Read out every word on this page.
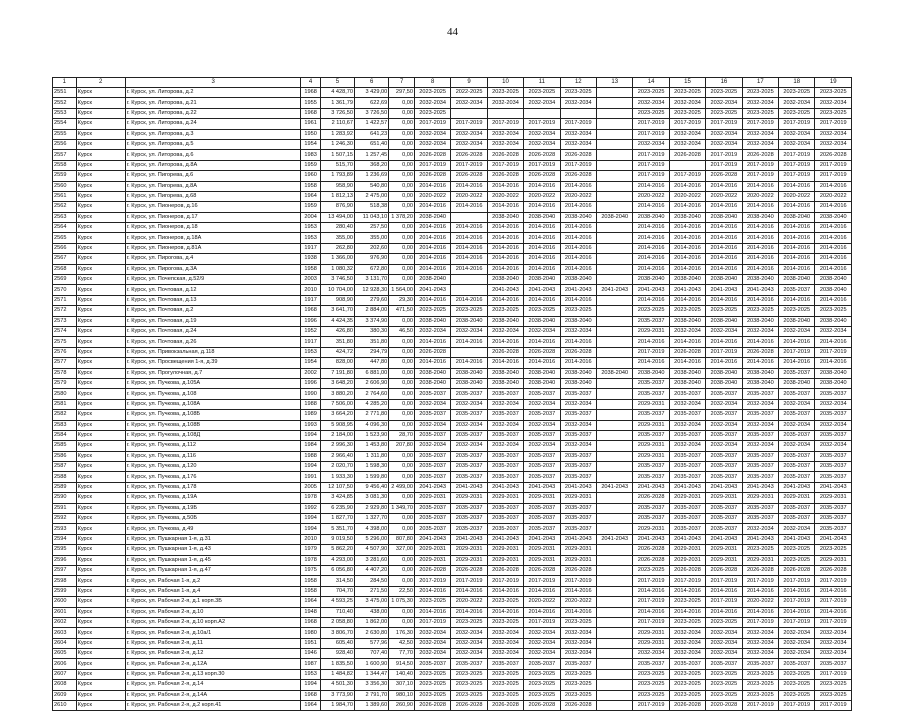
44
1	2	3	4	5	6	7	8	9	10	11	12	13	14	15	16	17	18	19
2551	Курск	г. Курск, ул. Литорова, д.2	1968	4 428,70	3 429,00	297,50	2023-2025	2022-2025	2023-2025	2023-2025	2023-2025		2023-2025	2023-2025	2023-2025	2023-2025	2023-2025	2023-2025
2552	Курск	г. Курск, ул. Литорова, д.21	1955	1 361,79	622,69	0,00	2032-2034	2032-2034	2032-2034	2032-2034	2032-2034		2032-2034	2032-2034	2032-2034	2032-2034	2032-2034	2032-2034
2553	Курск	г. Курск, ул. Литорова, д.22	1968	3 726,50	3 726,50	0,00	2023-2025						2023-2025	2023-2025	2023-2025	2023-2025	2023-2025	2023-2025
2554	Курск	г. Курск, ул. Литорова, д.24	1961	2 110,67	1 422,57	0,00	2017-2019	2017-2019	2017-2019	2017-2019	2017-2019		2017-2019	2017-2019	2017-2019	2017-2019	2017-2019	2017-2019
2555	Курск	г. Курск, ул. Литорова, д.3	1950	1 283,92	641,23	0,00	2032-2034	2032-2034	2032-2034	2032-2034	2032-2034		2017-2019	2032-2034	2032-2034	2032-2034	2032-2034	2032-2034
2556	Курск	г. Курск, ул. Литорова, д.5	1954	1 246,30	651,40	0,00	2032-2034	2032-2034	2032-2034	2032-2034	2032-2034		2032-2034	2032-2034	2032-2034	2032-2034	2032-2034	2032-2034
2557	Курск	г. Курск, ул. Литорова, д.6	1983	1 507,15	1 257,45	0,00	2026-2028	2026-2028	2026-2028	2026-2028	2026-2028		2017-2019	2026-2028	2017-2019	2026-2028	2017-2019	2026-2028
2558	Курск	г. Курск, ул. Литорова, д.8А	1959	515,70	368,20	0,00	2017-2019	2017-2019	2017-2019	2017-2019	2017-2019		2017-2019		2017-2019	2017-2019	2017-2019	2017-2019
2559	Курск	г. Курск, ул. Пигорева, д.6	1960	1 793,89	1 236,69	0,00	2026-2028	2026-2028	2026-2028	2026-2028	2026-2028		2017-2019	2017-2019	2026-2028	2017-2019	2017-2019	2017-2019
2560	Курск	г. Курск, ул. Пигорева, д.8А	1958	958,90	540,80	0,00	2014-2016	2014-2016	2014-2016	2014-2016	2014-2016		2014-2016	2014-2016	2014-2016	2014-2016	2014-2016	2014-2016
2561	Курск	г. Курск, ул. Пигорева, д.68	1964	1 812,13	2 475,00	0,00	2020-2022	2020-2022	2020-2022	2020-2022	2020-2022		2020-2022	2020-2022	2020-2022	2020-2022	2020-2022	2020-2022
2562	Курск	г. Курск, ул. Пионеров, д.16	1959	876,90	518,38	0,00	2014-2016	2014-2016	2014-2016	2014-2016	2014-2016		2014-2016	2014-2016	2014-2016	2014-2016	2014-2016	2014-2016
2563	Курск	г. Курск, ул. Пионеров, д.17	2004	13 494,00	11 043,10	1 378,20	2038-2040		2038-2040	2038-2040	2038-2040	2038-2040	2038-2040	2038-2040	2038-2040	2038-2040	2038-2040	2038-2040
2564	Курск	г. Курск, ул. Пионеров, д.18	1953	280,40	257,50	0,00	2014-2016	2014-2016	2014-2016	2014-2016	2014-2016		2014-2016	2014-2016	2014-2016	2014-2016	2014-2016	2014-2016
2565	Курск	г. Курск, ул. Пионеров, д.18А	1953	355,00	355,00	0,00	2014-2016	2014-2016	2014-2016	2014-2016	2014-2016		2014-2016	2014-2016	2014-2016	2014-2016	2014-2016	2014-2016
2566	Курск	г. Курск, ул. Пионеров, д.81А	1917	262,80	202,60	0,00	2014-2016	2014-2016	2014-2016	2014-2016	2014-2016		2014-2016	2014-2016	2014-2016	2014-2016	2014-2016	2014-2016
2567	Курск	г. Курск, ул. Пирогова, д.4	1938	1 366,00	976,90	0,00	2014-2016	2014-2016	2014-2016	2014-2016	2014-2016		2014-2016	2014-2016	2014-2016	2014-2016	2014-2016	2014-2016
2568	Курск	г. Курск, ул. Пирогова, д.3А	1958	1 080,32	672,80	0,00	2014-2016	2014-2016	2014-2016	2014-2016	2014-2016		2014-2016	2014-2016	2014-2016	2014-2016	2014-2016	2014-2016
2569	Курск	г. Курск, ул. Почепская, д.52/9	2003	3 746,50	3 131,70	0,00	2038-2040		2038-2040	2038-2040	2038-2040		2038-2040	2038-2040	2038-2040	2038-2040	2038-2040	2038-2040
2570	Курск	г. Курск, ул. Почтовая, д.12	2010	10 704,00	12 928,30	1 564,00	2041-2043		2041-2043	2041-2043	2041-2043	2041-2043	2041-2043	2041-2043	2041-2043	2041-2043	2035-2037	2038-2040
2571	Курск	г. Курск, ул. Почтовая, д.13	1917	908,90	279,60	29,30	2014-2016	2014-2016	2014-2016	2014-2016	2014-2016		2014-2016	2014-2016	2014-2016	2014-2016	2014-2016	2014-2016
2572	Курск	г. Курск, ул. Почтовая, д.2	1968	3 641,70	2 884,00	471,50	2023-2025	2023-2025	2023-2025	2023-2025	2023-2025		2023-2025	2023-2025	2023-2025	2023-2025	2023-2025	2023-2025
2573	Курск	г. Курск, ул. Почтовая, д.19	1996	4 424,35	3 374,90	0,00	2038-2040	2038-2040	2038-2040	2038-2040	2038-2040		2035-2037	2038-2040	2038-2040	2038-2040	2038-2040	2038-2040
2574	Курск	г. Курск, ул. Почтовая, д.24	1952	426,80	380,30	46,50	2032-2034	2032-2034	2032-2034	2032-2034	2032-2034		2029-2031	2032-2034	2032-2034	2032-2034	2032-2034	2032-2034
2575	Курск	г. Курск, ул. Почтовая, д.26	1917	351,80	351,80	0,00	2014-2016	2014-2016	2014-2016	2014-2016	2014-2016		2014-2016	2014-2016	2014-2016	2014-2016	2014-2016	2014-2016
2576	Курск	г. Курск, ул. Привокзальная, д.118	1953	424,72	294,79	0,00	2026-2028		2026-2028	2026-2028	2026-2028		2017-2019	2026-2028	2017-2019	2026-2028	2017-2019	2017-2019
2577	Курск	г. Курск, ул. Просвещения 1-я, д.39	1954	828,00	447,80	0,00	2014-2016	2014-2016	2014-2016	2014-2016	2014-2016		2014-2016	2014-2016	2014-2016	2014-2016	2014-2016	2014-2016
2578	Курск	г. Курск, ул. Прогулочная, д.7	2002	7 191,80	6 881,00	0,00	2038-2040	2038-2040	2038-2040	2038-2040	2038-2040	2038-2040	2038-2040	2038-2040	2038-2040	2038-2040	2035-2037	2038-2040
2579	Курск	г. Курск, ул. Пучкова, д.105А	1996	3 648,20	2 606,90	0,00	2038-2040	2038-2040	2038-2040	2038-2040	2038-2040		2035-2037	2038-2040	2038-2040	2038-2040	2038-2040	2038-2040
2580	Курск	г. Курск, ул. Пучкова, д.108	1990	3 880,20	2 764,60	0,00	2035-2037	2035-2037	2035-2037	2035-2037	2035-2037		2035-2037	2035-2037	2035-2037	2035-2037	2035-2037	2035-2037
2581	Курск	г. Курск, ул. Пучкова, д.108А	1988	7 506,00	4 285,20	0,00	2032-2034	2032-2034	2032-2034	2032-2034	2032-2034		2029-2031	2032-2034	2032-2034	2032-2034	2032-2034	2032-2034
2582	Курск	г. Курск, ул. Пучкова, д.108Б	1989	3 664,20	2 771,80	0,00	2035-2037	2035-2037	2035-2037	2035-2037	2035-2037		2035-2037	2035-2037	2035-2037	2035-2037	2035-2037	2035-2037
2583	Курск	г. Курск, ул. Пучкова, д.108В	1993	5 908,95	4 096,30	0,00	2032-2034	2032-2034	2032-2034	2032-2034	2032-2034		2029-2031	2032-2034	2032-2034	2032-2034	2032-2034	2032-2034
2584	Курск	г. Курск, ул. Пучкова, д.108Д	1994	2 184,00	1 523,90	28,70	2035-2037	2035-2037	2035-2037	2035-2037	2035-2037		2035-2037	2035-2037	2035-2037	2035-2037	2035-2037	2035-2037
2585	Курск	г. Курск, ул. Пучкова, д.112	1984	2 996,30	1 453,80	207,80	2032-2034	2032-2034	2032-2034	2032-2034	2032-2034		2029-2031	2032-2034	2032-2034	2032-2034	2032-2034	2032-2034
2586	Курск	г. Курск, ул. Пучкова, д.116	1988	2 966,40	1 311,80	0,00	2035-2037	2035-2037	2035-2037	2035-2037	2035-2037		2029-2031	2035-2037	2035-2037	2035-2037	2035-2037	2035-2037
2587	Курск	г. Курск, ул. Пучкова, д.120	1994	2 020,70	1 598,30	0,00	2035-2037	2035-2037	2035-2037	2035-2037	2035-2037		2035-2037	2035-2037	2035-2037	2035-2037	2035-2037	2035-2037
2588	Курск	г. Курск, ул. Пучкова, д.176	1991	1 933,30	1 599,80	0,00	2035-2037	2035-2037	2035-2037	2035-2037	2035-2037		2035-2037	2035-2037	2035-2037	2035-2037	2035-2037	2035-2037
2589	Курск	г. Курск, ул. Пучкова, д.178	2005	12 107,50	9 456,40	2 499,00	2041-2043	2041-2043	2041-2043	2041-2043	2041-2043	2041-2043	2041-2043	2041-2043	2041-2043	2041-2043	2041-2043	2041-2043
2590	Курск	г. Курск, ул. Пучкова, д.19А	1978	3 424,85	3 081,30	0,00	2029-2031	2029-2031	2029-2031	2029-2031	2029-2031		2026-2028	2029-2031	2029-2031	2029-2031	2029-2031	2029-2031
2591	Курск	г. Курск, ул. Пучкова, д.19Б	1992	6 235,90	2 929,80	1 349,70	2035-2037	2035-2037	2035-2037	2035-2037	2035-2037		2035-2037	2035-2037	2035-2037	2035-2037	2035-2037	2035-2037
2592	Курск	г. Курск, ул. Пучкова, д.50Б	1994	1 827,70	1 327,70	0,00	2035-2037	2035-2037	2035-2037	2035-2037	2035-2037		2035-2037	2035-2037	2035-2037	2035-2037	2035-2037	2035-2037
2593	Курск	г. Курск, ул. Пучкова, д.49	1994	5 351,70	4 398,00	0,00	2035-2037	2035-2037	2035-2037	2035-2037	2035-2037		2029-2031	2035-2037	2035-2037	2032-2034	2032-2034	2035-2037
2594	Курск	г. Курск, ул. Пушкарная 1-я, д.31	2010	9 019,50	5 296,00	807,80	2041-2043	2041-2043	2041-2043	2041-2043	2041-2043	2041-2043	2041-2043	2041-2043	2041-2043	2041-2043	2041-2043	2041-2043
2595	Курск	г. Курск, ул. Пушкарная 1-я, д.43	1979	5 862,20	4 507,90	327,00	2029-2031	2029-2031	2029-2031	2029-2031	2029-2031		2026-2028	2029-2031	2029-2031	2023-2025	2023-2025	2023-2025
2596	Курск	г. Курск, ул. Пушкарная 1-я, д.45	1978	4 293,00	3 281,60	0,00	2029-2031	2029-2031	2029-2031	2029-2031	2029-2031		2026-2028	2029-2031	2029-2031	2029-2031	2023-2025	2029-2031
2597	Курск	г. Курск, ул. Пушкарная 1-я, д.47	1975	6 056,80	4 407,20	0,00	2026-2028	2026-2028	2026-2028	2026-2028	2026-2028		2023-2025	2026-2028	2026-2028	2026-2028	2026-2028	2026-2028
2598	Курск	г. Курск, ул. Рабочая 1-я, д.2	1958	314,50	284,50	0,00	2017-2019	2017-2019	2017-2019	2017-2019	2017-2019		2017-2019	2017-2019	2017-2019	2017-2019	2017-2019	2017-2019
2599	Курск	г. Курск, ул. Рабочая 1-я, д.4	1958	704,70	271,50	22,50	2014-2016	2014-2016	2014-2016	2014-2016	2014-2016		2014-2016	2014-2016	2014-2016	2014-2016	2014-2016	2014-2016
2600	Курск	г. Курск, ул. Рабочая 2-я, д.1 корп.3Б	1964	4 593,25	3 475,00	1 075,30	2023-2025	2020-2022	2023-2025	2020-2022	2020-2022		2017-2019	2023-2025	2017-2019	2020-2022	2017-2019	2017-2019
2601	Курск	г. Курск, ул. Рабочая 2-я, д.10	1948	710,40	438,00	0,00	2014-2016	2014-2016	2014-2016	2014-2016	2014-2016		2014-2016	2014-2016	2014-2016	2014-2016	2014-2016	2014-2016
2602	Курск	г. Курск, ул. Рабочая 2-я, д.10 корп.А2	1968	2 058,80	1 862,00	0,00	2017-2019	2023-2025	2023-2025	2017-2019	2023-2025		2017-2019	2023-2025	2023-2025	2017-2019	2017-2019	2017-2019
2603	Курск	г. Курск, ул. Рабочая 2-я, д.10а/1	1980	3 806,70	2 630,80	176,30	2032-2034	2032-2034	2032-2034	2032-2034	2032-2034		2029-2031	2032-2034	2032-2034	2032-2034	2032-2034	2032-2034
2604	Курск	г. Курск, ул. Рабочая 2-я, д.11	1951	605,40	577,96	42,50	2032-2034	2032-2034	2032-2034	2032-2034	2032-2034		2029-2031	2032-2034	2032-2034	2032-2034	2032-2034	2032-2034
2605	Курск	г. Курск, ул. Рабочая 2-я, д.12	1946	928,40	707,40	77,70	2032-2034	2032-2034	2032-2034	2032-2034	2032-2034		2032-2034	2032-2034	2032-2034	2032-2034	2032-2034	2032-2034
2606	Курск	г. Курск, ул. Рабочая 2-я, д.12А	1987	1 835,50	1 600,90	914,50	2035-2037	2035-2037	2035-2037	2035-2037	2035-2037		2035-2037	2035-2037	2035-2037	2035-2037	2035-2037	2035-2037
2607	Курск	г. Курск, ул. Рабочая 2-я, д.13 корп.30	1953	1 484,82	1 344,47	140,40	2023-2025	2023-2025	2023-2025	2023-2025	2023-2025		2023-2025	2023-2025	2023-2025	2023-2025	2023-2025	2017-2019
2608	Курск	г. Курск, ул. Рабочая 2-я, д.14	1994	4 501,30	3 356,30	307,10	2023-2025	2023-2025	2023-2025	2023-2025	2023-2025		2023-2025	2023-2025	2023-2025	2023-2025	2023-2025	2023-2025
2609	Курск	г. Курск, ул. Рабочая 2-я, д.14А	1968	3 773,90	2 791,70	980,10	2023-2025	2023-2025	2023-2025	2023-2025	2023-2025		2023-2025	2023-2025	2023-2025	2023-2025	2023-2025	2023-2025
2610	Курск	г. Курск, ул. Рабочая 2-я, д.2 корп.41	1964	1 984,70	1 389,60	260,90	2026-2028	2026-2028	2026-2028	2026-2028	2026-2028		2017-2019	2026-2028	2020-2028	2017-2019	2017-2019	2017-2019
